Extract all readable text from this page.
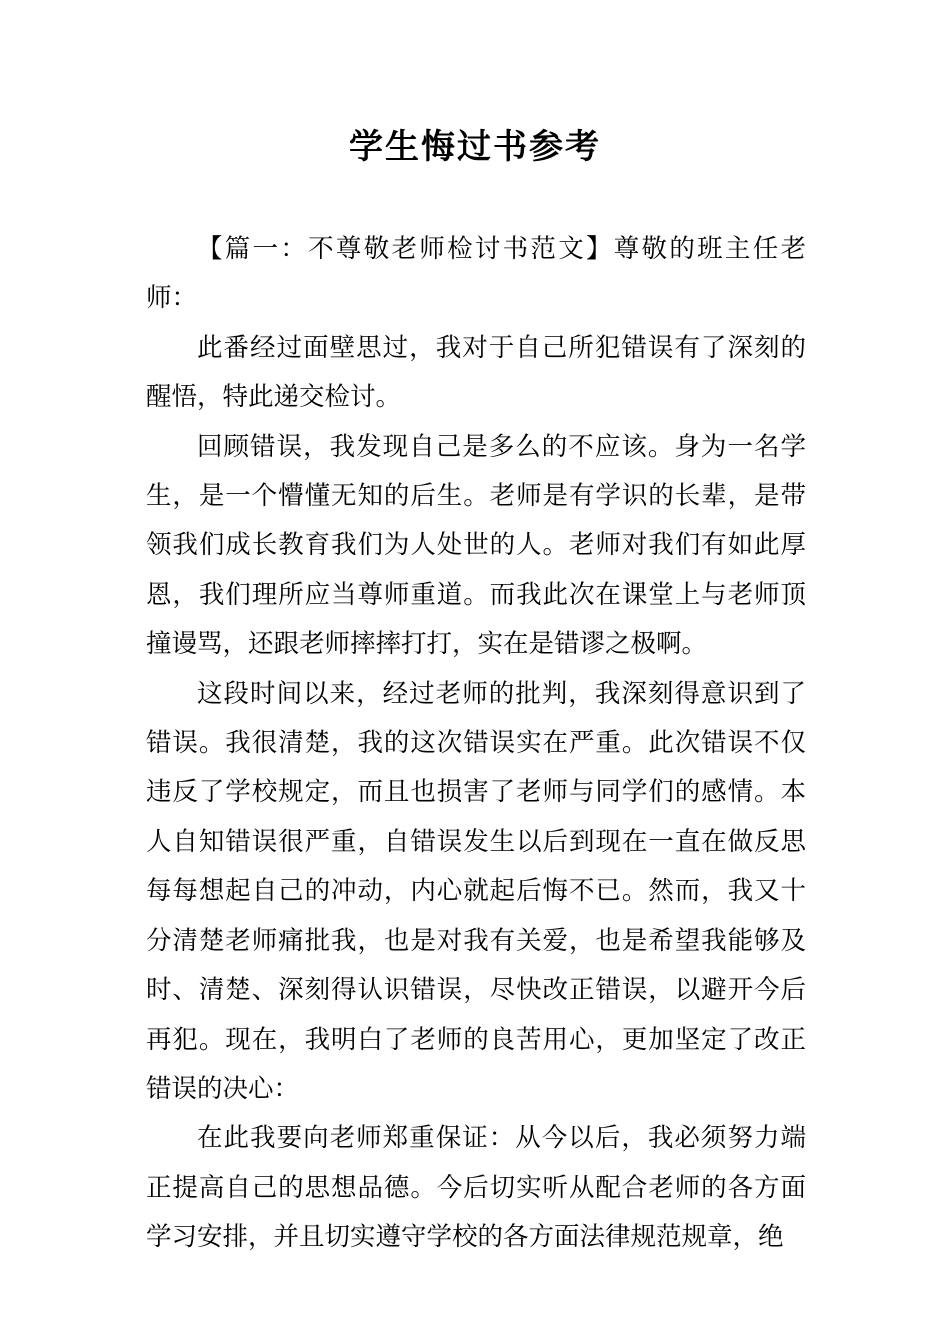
学生悔过书参考

【篇一：不尊敬老师检讨书范文】尊敬的班主任老师：

此番经过面壁思过，我对于自己所犯错误有了深刻的醒悟，特此递交检讨。

回顾错误，我发现自己是多么的不应该。身为一名学生，是一个懵懂无知的后生。老师是有学识的长辈，是带领我们成长教育我们为人处世的人。老师对我们有如此厚恩，我们理所应当尊师重道。而我此次在课堂上与老师顶撞谩骂，还跟老师摔摔打打，实在是错谬之极啊。

这段时间以来，经过老师的批判，我深刻得意识到了错误。我很清楚，我的这次错误实在严重。此次错误不仅违反了学校规定，而且也损害了老师与同学们的感情。本人自知错误很严重，自错误发生以后到现在一直在做反思每每想起自己的冲动，内心就起后悔不已。然而，我又十分清楚老师痛批我，也是对我有关爱，也是希望我能够及时、清楚、深刻得认识错误，尽快改正错误，以避开今后再犯。现在，我明白了老师的良苦用心，更加坚定了改正错误的决心：

在此我要向老师郑重保证：从今以后，我必须努力端正提高自己的思想品德。今后切实听从配合老师的各方面学习安排，并且切实遵守学校的各方面法律规范规章，绝
